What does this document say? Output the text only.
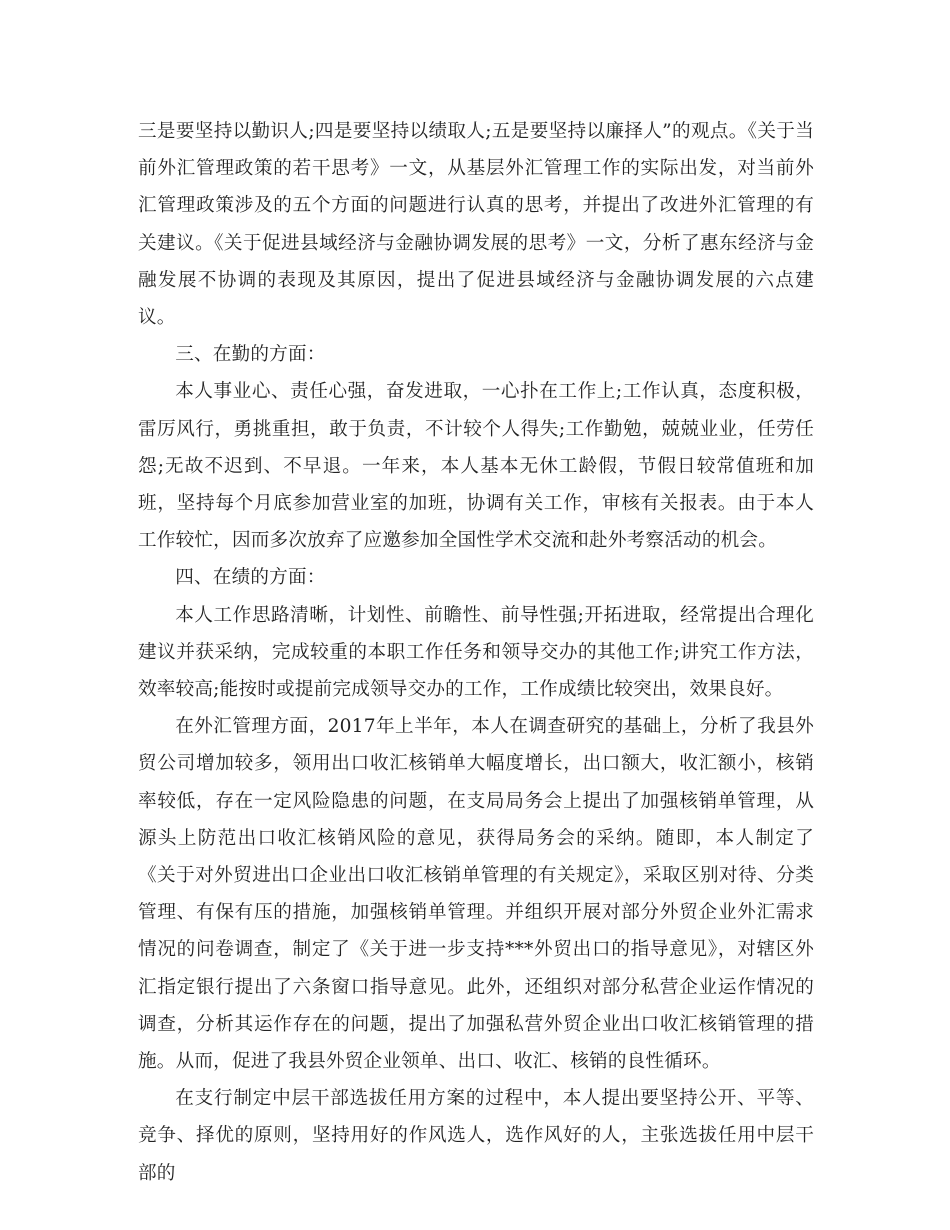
三是要坚持以勤识人;四是要坚持以绩取人;五是要坚持以廉择人”的观点。《关于当前外汇管理政策的若干思考》一文，从基层外汇管理工作的实际出发，对当前外汇管理政策涉及的五个方面的问题进行认真的思考，并提出了改进外汇管理的有关建议。《关于促进县域经济与金融协调发展的思考》一文，分析了惠东经济与金融发展不协调的表现及其原因，提出了促进县域经济与金融协调发展的六点建议。

三、在勤的方面：

本人事业心、责任心强，奋发进取，一心扑在工作上;工作认真，态度积极，雷厉风行，勇挑重担，敢于负责，不计较个人得失;工作勤勉，兢兢业业，任劳任怨;无故不迟到、不早退。一年来，本人基本无休工龄假，节假日较常值班和加班，坚持每个月底参加营业室的加班，协调有关工作，审核有关报表。由于本人工作较忙，因而多次放弃了应邀参加全国性学术交流和赴外考察活动的机会。

四、在绩的方面：

本人工作思路清晰，计划性、前瞻性、前导性强;开拓进取，经常提出合理化建议并获采纳，完成较重的本职工作任务和领导交办的其他工作;讲究工作方法，效率较高;能按时或提前完成领导交办的工作，工作成绩比较突出，效果良好。

在外汇管理方面，2017年上半年，本人在调查研究的基础上，分析了我县外贸公司增加较多，领用出口收汇核销单大幅度增长，出口额大，收汇额小，核销率较低，存在一定风险隐患的问题，在支局局务会上提出了加强核销单管理，从源头上防范出口收汇核销风险的意见，获得局务会的采纳。随即，本人制定了《关于对外贸进出口企业出口收汇核销单管理的有关规定》，采取区别对待、分类管理、有保有压的措施，加强核销单管理。并组织开展对部分外贸企业外汇需求情况的问卷调查，制定了《关于进一步支持***外贸出口的指导意见》，对辖区外汇指定银行提出了六条窗口指导意见。此外，还组织对部分私营企业运作情况的调查，分析其运作存在的问题，提出了加强私营外贸企业出口收汇核销管理的措施。从而，促进了我县外贸企业领单、出口、收汇、核销的良性循环。

在支行制定中层干部选拔任用方案的过程中，本人提出要坚持公开、平等、竞争、择优的原则，坚持用好的作风选人，选作风好的人，主张选拔任用中层干部的
